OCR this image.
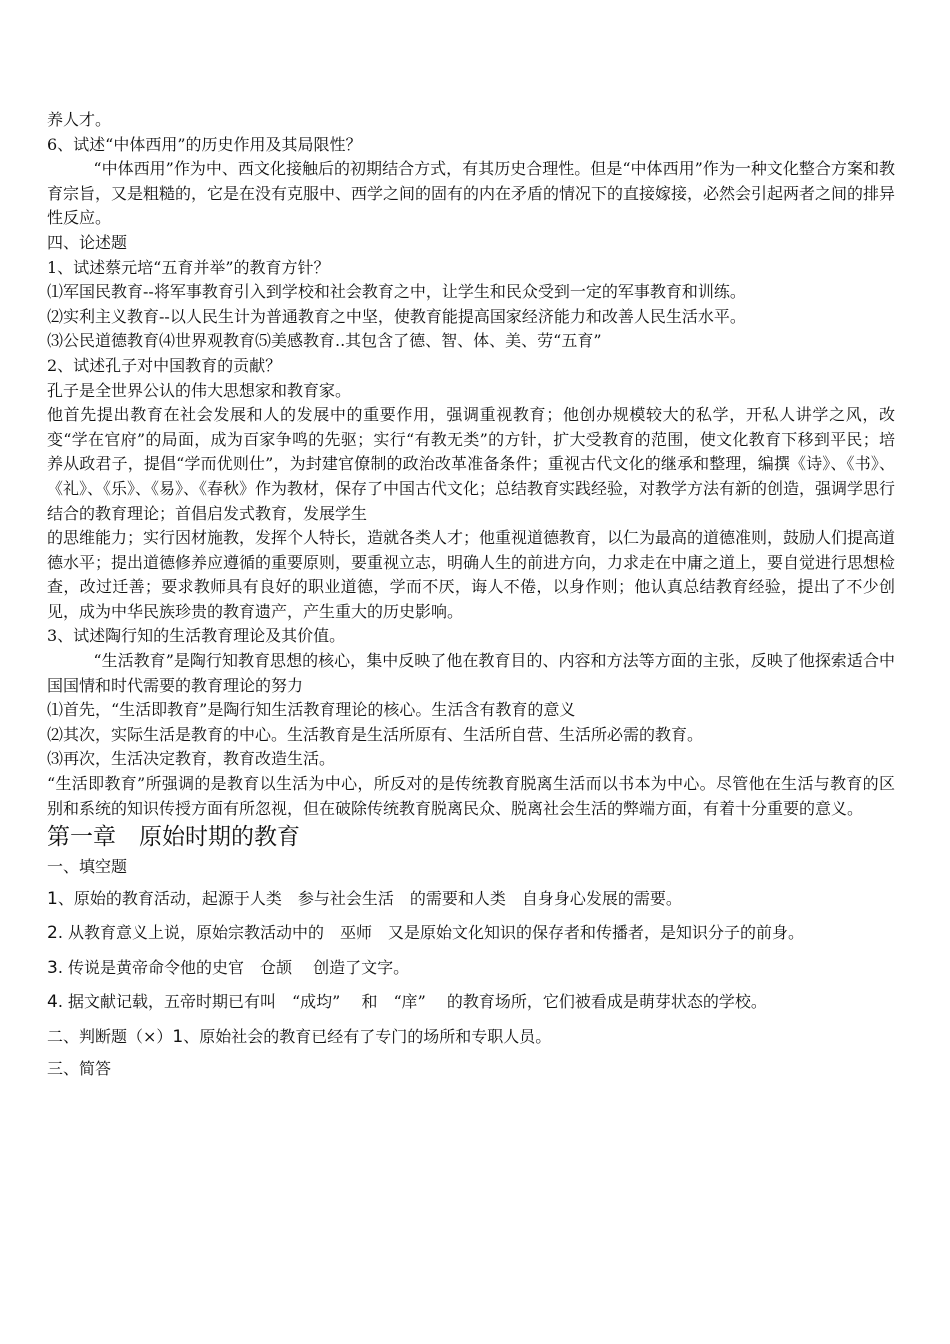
养人才。
6、试述“中体西用”的历史作用及其局限性？
“中体西用”作为中、西文化接触后的初期结合方式，有其历史合理性。但是“中体西用”作为一种文化整合方案和教育宗旨，又是粗糙的，它是在没有克服中、西学之间的固有的内在矛盾的情况下的直接嫁接，必然会引起两者之间的排异性反应。
四、论述题
1、试述蔡元培“五育并举”的教育方针？
⑴军国民教育--将军事教育引入到学校和社会教育之中，让学生和民众受到一定的军事教育和训练。
⑵实利主义教育--以人民生计为普通教育之中坚，使教育能提高国家经济能力和改善人民生活水平。
⑶公民道德教育⑷世界观教育⑸美感教育..其包含了德、智、体、美、劳“五育”
2、试述孔子对中国教育的贡献？
孔子是全世界公认的伟大思想家和教育家。
他首先提出教育在社会发展和人的发展中的重要作用，强调重视教育；他创办规模较大的私学，开私人讲学之风，改变“学在官府”的局面，成为百家争鸣的先驱；实行“有教无类”的方针，扩大受教育的范围，使文化教育下移到平民；培养从政君子，提倡“学而优则仕”，为封建官僚制的政治改革准备条件；重视古代文化的继承和整理，编撰《诗》、《书》、《礼》、《乐》、《易》、《春秋》作为教材，保存了中国古代文化；总结教育实践经验，对教学方法有新的创造，强调学思行结合的教育理论；首倡启发式教育，发展学生
的思维能力；实行因材施教，发挥个人特长，造就各类人才；他重视道德教育，以仁为最高的道德准则，鼓励人们提高道德水平；提出道德修养应遵循的重要原则，要重视立志，明确人生的前进方向，力求走在中庸之道上，要自觉进行思想检查，改过迁善；要求教师具有良好的职业道德，学而不厌，诲人不倦，以身作则；他认真总结教育经验，提出了不少创见，成为中华民族珍贵的教育遗产，产生重大的历史影响。
3、试述陶行知的生活教育理论及其价值。
“生活教育”是陶行知教育思想的核心，集中反映了他在教育目的、内容和方法等方面的主张，反映了他探索适合中国国情和时代需要的教育理论的努力
⑴首先，“生活即教育”是陶行知生活教育理论的核心。生活含有教育的意义
⑵其次，实际生活是教育的中心。生活教育是生活所原有、生活所自营、生活所必需的教育。
⑶再次，生活决定教育，教育改造生活。
“生活即教育”所强调的是教育以生活为中心，所反对的是传统教育脱离生活而以书本为中心。尽管他在生活与教育的区别和系统的知识传授方面有所忽视，但在破除传统教育脱离民众、脱离社会生活的弊端方面，有着十分重要的意义。
第一章　原始时期的教育
一、填空题
1、原始的教育活动，起源于人类　参与社会生活　的需要和人类　自身身心发展的需要。
2. 从教育意义上说，原始宗教活动中的　巫师　又是原始文化知识的保存者和传播者，是知识分子的前身。
3. 传说是黄帝命令他的史官　仓颉　 创造了文字。
4. 据文献记载，五帝时期已有叫　“成均”　 和　“庠”　 的教育场所，它们被看成是萌芽状态的学校。
二、判断题（×）1、原始社会的教育已经有了专门的场所和专职人员。
三、简答
